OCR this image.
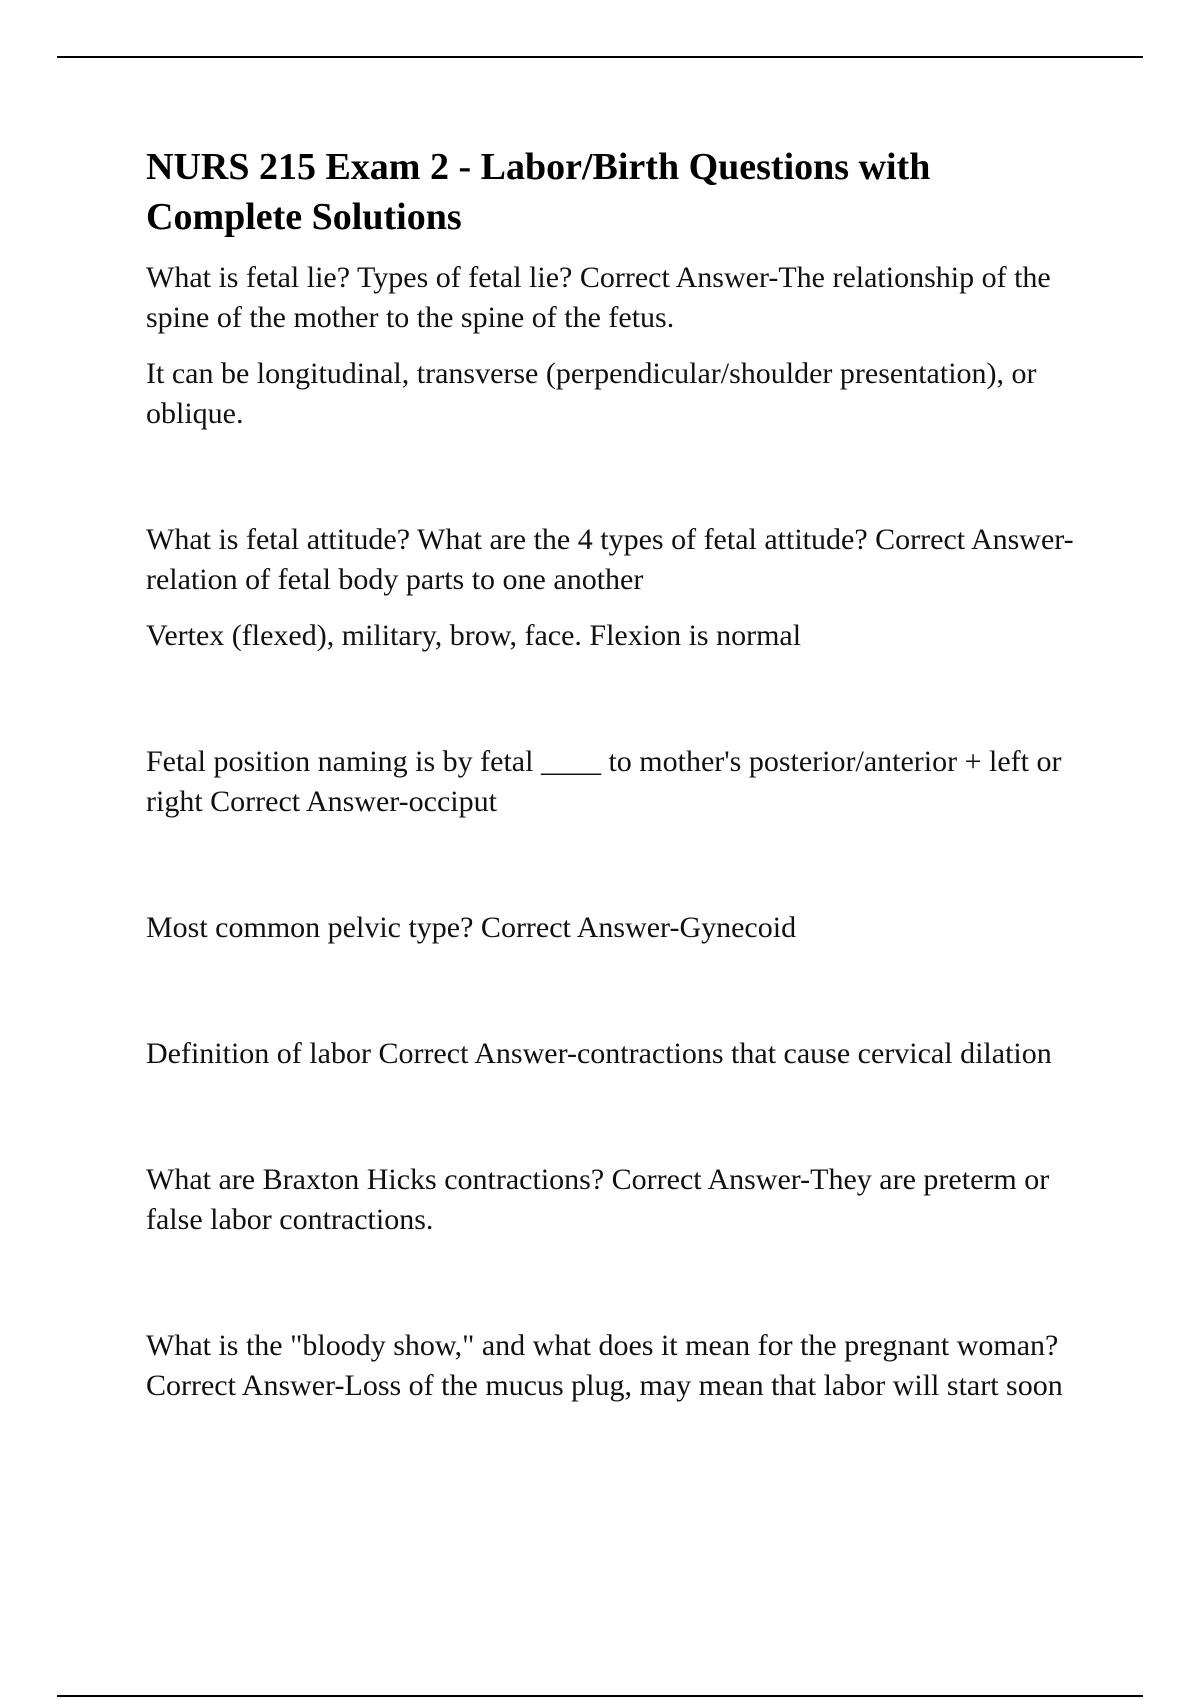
NURS 215 Exam 2 - Labor/Birth Questions with Complete Solutions

What is fetal lie? Types of fetal lie? Correct Answer-The relationship of the spine of the mother to the spine of the fetus.

It can be longitudinal, transverse (perpendicular/shoulder presentation), or oblique.

What is fetal attitude? What are the 4 types of fetal attitude? Correct Answer-relation of fetal body parts to one another

Vertex (flexed), military, brow, face. Flexion is normal

Fetal position naming is by fetal ____ to mother's posterior/anterior + left or right Correct Answer-occiput

Most common pelvic type? Correct Answer-Gynecoid

Definition of labor Correct Answer-contractions that cause cervical dilation

What are Braxton Hicks contractions? Correct Answer-They are preterm or false labor contractions.

What is the "bloody show," and what does it mean for the pregnant woman? Correct Answer-Loss of the mucus plug, may mean that labor will start soon
